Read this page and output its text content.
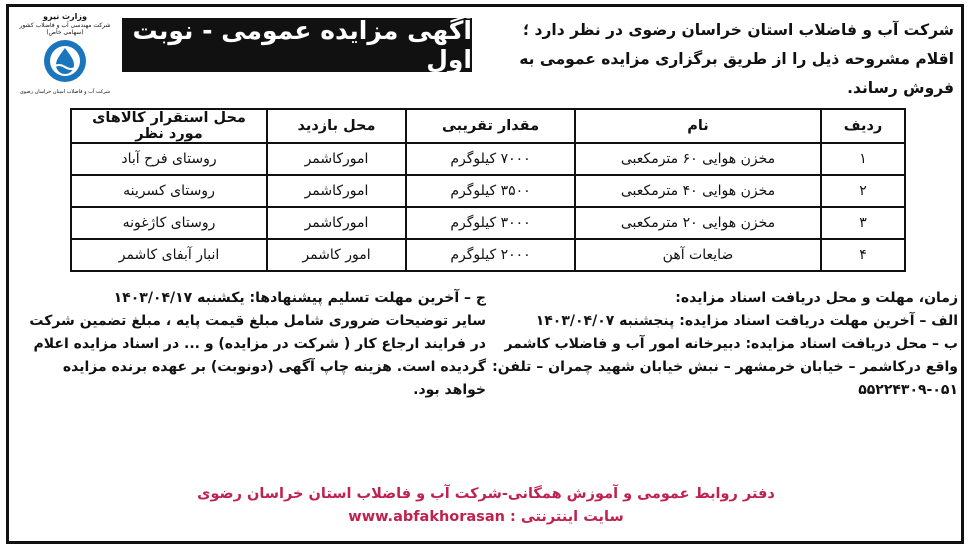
وزارت نیرو
شرکت مهندسی آب و فاضلاب کشور (سهامی خاص)
شرکت آب و فاضلاب استان خراسان رضوی
آگهی مزایده عمومی - نوبت اول
شرکت آب و فاضلاب استان خراسان رضوی در نظر دارد ؛ اقلام مشروحه ذیل را از طریق برگزاری مزایده عمومی به فروش رساند.
ردیف	نام	مقدار تقریبی	محل بازدید	محل استقرار کالاهای مورد نظر
۱	مخزن هوایی ۶۰ مترمکعبی	۷۰۰۰ کیلوگرم	امورکاشمر	روستای فرح آباد
۲	مخزن هوایی ۴۰ مترمکعبی	۳۵۰۰ کیلوگرم	امورکاشمر	روستای کسرینه
۳	مخزن هوایی ۲۰ مترمکعبی	۳۰۰۰ کیلوگرم	امورکاشمر	روستای کاژغونه
۴	ضایعات آهن	۲۰۰۰ کیلوگرم	امور کاشمر	انبار آبفای کاشمر

زمان، مهلت و محل دریافت اسناد مزایده:

الف – آخرین مهلت دریافت اسناد مزایده: پنجشنبه ۱۴۰۳/۰۴/۰۷

ب – محل دریافت اسناد مزایده: دبیرخانه امور آب و فاضلاب کاشمر واقع درکاشمر – خیابان خرمشهر – نبش خیابان شهید چمران – تلفن: ۰۵۱-۵۵۲۲۴۳۰۹

ج – آخرین مهلت تسلیم پیشنهادها: یکشنبه ۱۴۰۳/۰۴/۱۷

سایر توضیحات ضروری شامل مبلغ قیمت پایه ، مبلغ تضمین شرکت در فرایند ارجاع کار ( شرکت در مزایده) و ... در اسناد مزایده اعلام گردیده است. هزینه چاپ آگهی (دونوبت) بر عهده برنده مزایده خواهد بود.

دفتر روابط عمومی و آموزش همگانی-شرکت آب و فاضلاب استان خراسان رضوی
سایت اینترنتی : www.abfakhorasan
